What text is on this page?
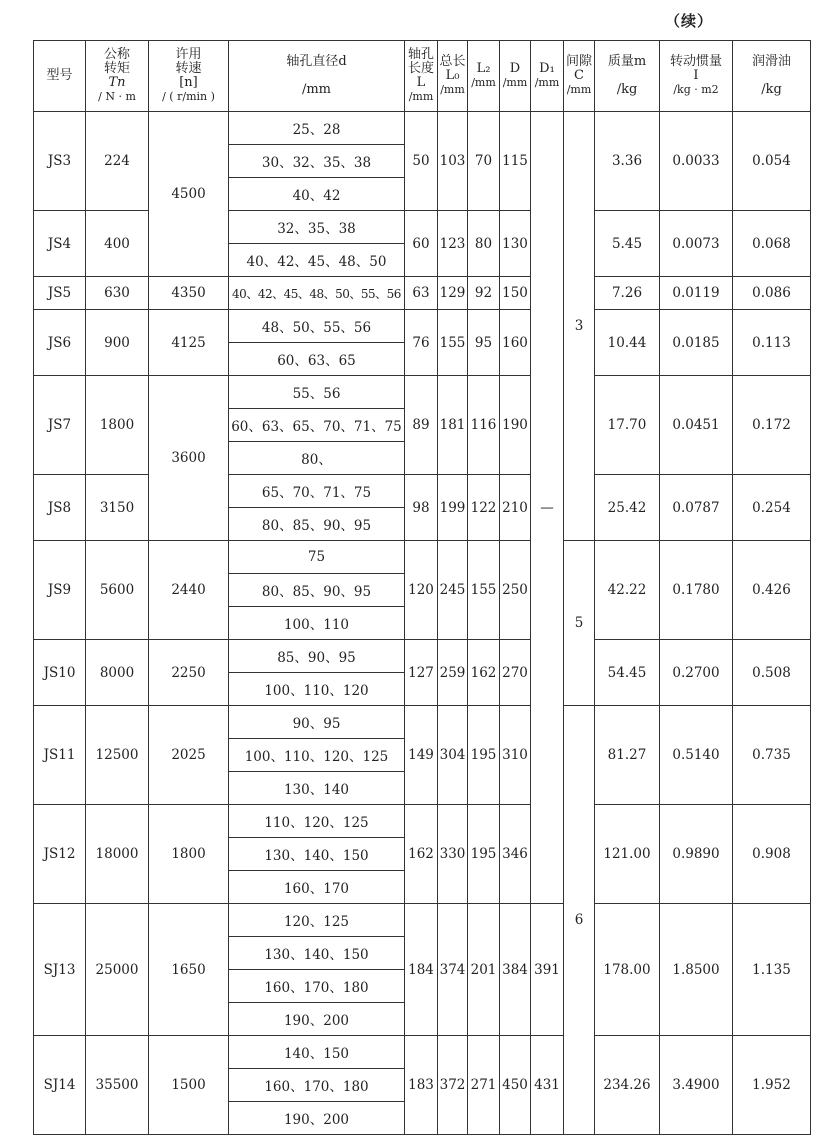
（续）
型号	公称
转矩
Tn

/ N · m	许用
转速
[n]

/ ( r/min )	轴孔直径d

/mm	轴孔
长度
L

/mm	总长
L₀

/mm	L₂

/mm	D

/mm	D₁

/mm	间隙
C

/mm	质量m

/kg	转动惯量
I

/kg · m2	润滑油

/kg
JS3	224	4500	25、28	50	103	70	115	—	3	3.36	0.0033	0.054
			30、32、35、38									
			40、42									
JS4	400		32、35、38	60	123	80	130			5.45	0.0073	0.068
			40、42、45、48、50									
JS5	630	4350	40、42、45、48、50、55、56	63	129	92	150			7.26	0.0119	0.086
JS6	900	4125	48、50、55、56	76	155	95	160			10.44	0.0185	0.113
			60、63、65									
JS7	1800	3600	55、56	89	181	116	190			17.70	0.0451	0.172
			60、63、65、70、71、75									
			80、									
JS8	3150		65、70、71、75	98	199	122	210			25.42	0.0787	0.254
			80、85、90、95									
JS9	5600	2440	75	120	245	155	250		5	42.22	0.1780	0.426
			80、85、90、95									
			100、110									
JS10	8000	2250	85、90、95	127	259	162	270			54.45	0.2700	0.508
			100、110、120									
JS11	12500	2025	90、95	149	304	195	310		6	81.27	0.5140	0.735
			100、110、120、125									
			130、140									
JS12	18000	1800	110、120、125	162	330	195	346			121.00	0.9890	0.908
			130、140、150									
			160、170									
SJ13	25000	1650	120、125	184	374	201	384	391		178.00	1.8500	1.135
			130、140、150									
			160、170、180									
			190、200									
SJ14	35500	1500	140、150	183	372	271	450	431		234.26	3.4900	1.952
			160、170、180									
			190、200									
